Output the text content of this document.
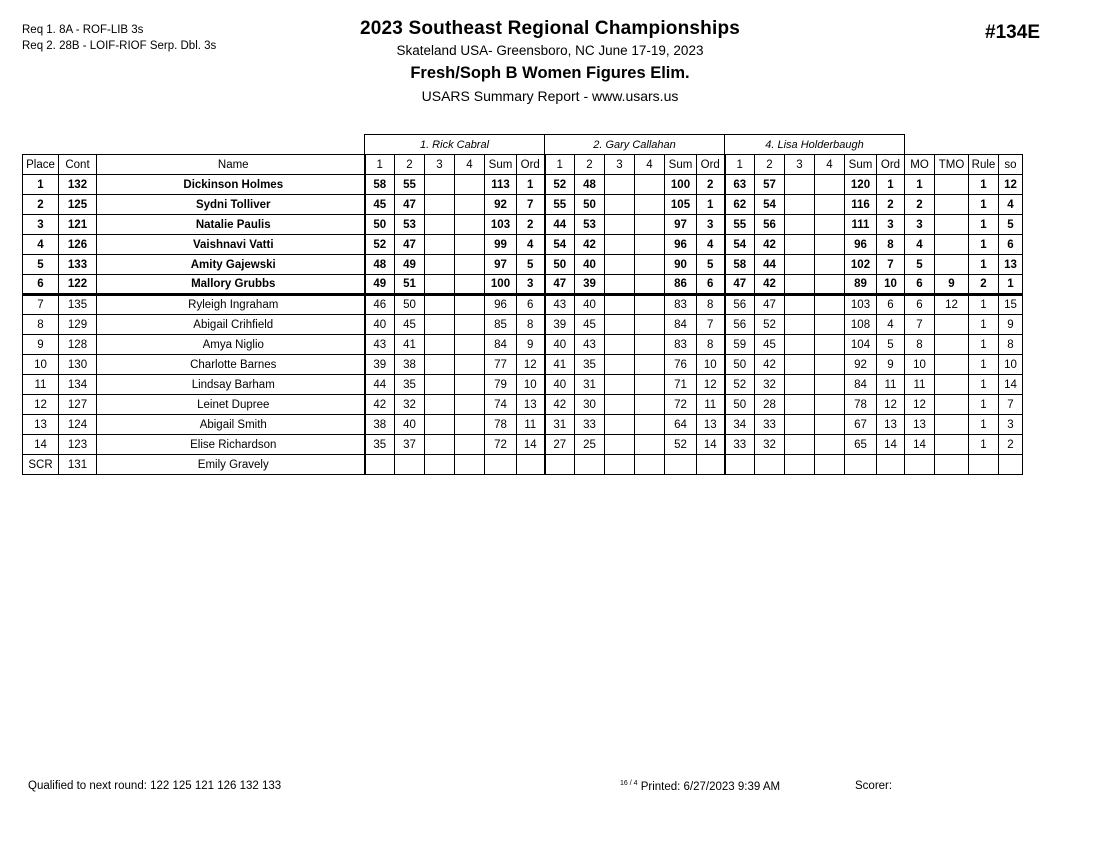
Req 1. 8A - ROF-LIB 3s
Req 2. 28B - LOIF-RIOF Serp. Dbl. 3s
2023 Southeast Regional Championships
Skateland USA- Greensboro, NC June 17-19, 2023
Fresh/Soph B Women Figures Elim.
USARS Summary Report - www.usars.us
#134E
			1. Rick Cabral						2. Gary Callahan						4. Lisa Holderbaugh									
Place	Cont	Name	1	2	3	4	Sum	Ord	1	2	3	4	Sum	Ord	1	2	3	4	Sum	Ord	MO	TMO	Rule	so
1	132	Dickinson Holmes	58	55			113	1	52	48			100	2	63	57			120	1	1		1	12
2	125	Sydni Tolliver	45	47			92	7	55	50			105	1	62	54			116	2	2		1	4
3	121	Natalie Paulis	50	53			103	2	44	53			97	3	55	56			111	3	3		1	5
4	126	Vaishnavi Vatti	52	47			99	4	54	42			96	4	54	42			96	8	4		1	6
5	133	Amity Gajewski	48	49			97	5	50	40			90	5	58	44			102	7	5		1	13
6	122	Mallory Grubbs	49	51			100	3	47	39			86	6	47	42			89	10	6	9	2	1
7	135	Ryleigh Ingraham	46	50			96	6	43	40			83	8	56	47			103	6	6	12	1	15
8	129	Abigail Crihfield	40	45			85	8	39	45			84	7	56	52			108	4	7		1	9
9	128	Amya Niglio	43	41			84	9	40	43			83	8	59	45			104	5	8		1	8
10	130	Charlotte Barnes	39	38			77	12	41	35			76	10	50	42			92	9	10		1	10
11	134	Lindsay Barham	44	35			79	10	40	31			71	12	52	32			84	11	11		1	14
12	127	Leinet Dupree	42	32			74	13	42	30			72	11	50	28			78	12	12		1	7
13	124	Abigail Smith	38	40			78	11	31	33			64	13	34	33			67	13	13		1	3
14	123	Elise Richardson	35	37			72	14	27	25			52	14	33	32			65	14	14		1	2
SCR	131	Emily Gravely																						
Qualified to next round: 122 125 121 126 132 133	$^{16 / 4}$ Printed: 6/27/2023 9:39 AM	Scorer:
